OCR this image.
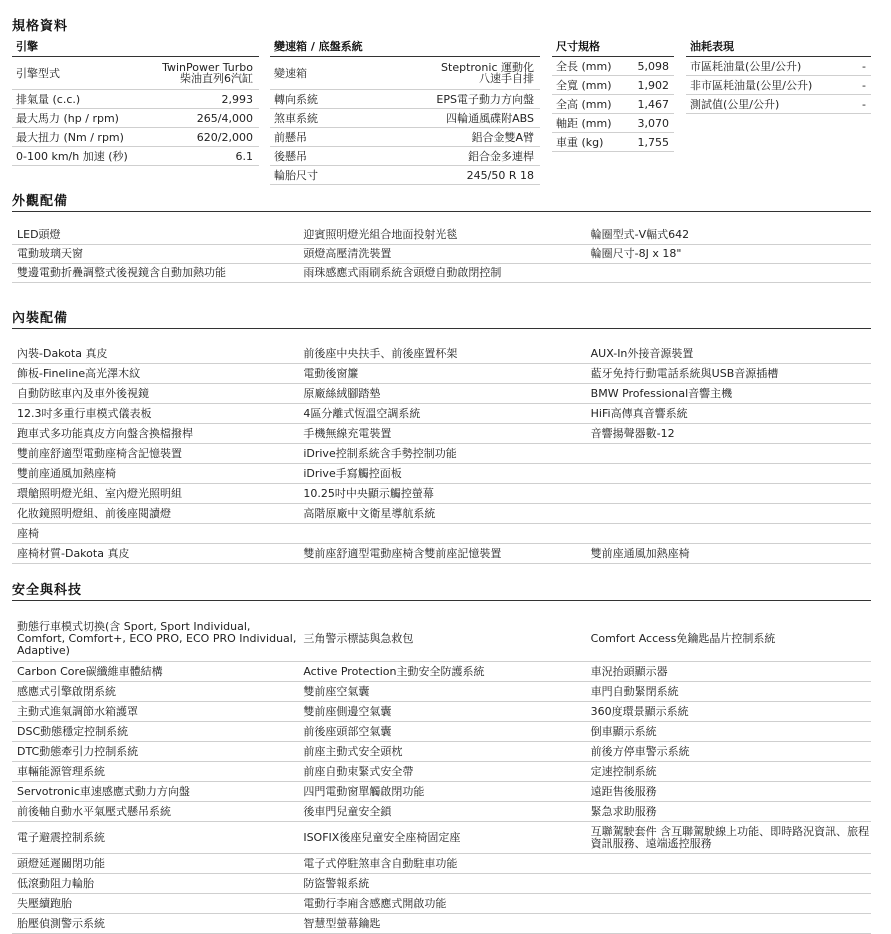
規格資料
引擎
引擎型式	TwinPower Turbo
柴油直列6汽缸
排氣量 (c.c.)	2,993
最大馬力 (hp / rpm)	265/4,000
最大扭力 (Nm / rpm)	620/2,000
0-100 km/h 加速 (秒)	6.1
變速箱 / 底盤系統
變速箱	Steptronic 運動化
八速手自排
轉向系統	EPS電子動力方向盤
煞車系統	四輪通風碟附ABS
前懸吊	鋁合金雙A臂
後懸吊	鋁合金多連桿
輪胎尺寸	245/50 R 18
尺寸規格
全長 (mm) 5,098
全寬 (mm) 1,902
全高 (mm) 1,467
軸距 (mm) 3,070
車重 (kg)	1,755
油耗表現
市區耗油量(公里/公升)	-
非市區耗油量(公里/公升)	-
測試值(公里/公升)	-
外觀配備
LED頭燈	迎賓照明燈光組合地面投射光毯	輪圈型式-V輻式642
電動玻璃天窗	頭燈高壓清洗裝置	輪圈尺寸-8J x 18"
雙邊電動折疊調整式後視鏡含自動加熱功能	雨珠感應式雨刷系統含頭燈自動啟閉控制
內裝配備
內裝-Dakota 真皮	前後座中央扶手、前後座置杯架	AUX-In外接音源裝置
飾板-Fineline高光澤木紋	電動後窗簾	藍牙免持行動電話系統與USB音源插槽
自動防眩車內及車外後視鏡	原廠絲絨腳踏墊	BMW Professional音響主機
12.3吋多重行車模式儀表板	4區分離式恆溫空調系統	HiFi高傳真音響系統
跑車式多功能真皮方向盤含換檔撥桿	手機無線充電裝置	音響揚聲器數-12
雙前座舒適型電動座椅含記憶裝置	iDrive控制系統含手勢控制功能
雙前座通風加熱座椅	iDrive手寫觸控面板
環艙照明燈光組、室內燈光照明組	10.25吋中央顯示觸控螢幕
化妝鏡照明燈組、前後座閱讀燈	高階原廠中文衛星導航系統
座椅
座椅材質-Dakota 真皮	雙前座舒適型電動座椅含雙前座記憶裝置	雙前座通風加熱座椅
安全與科技
動態行車模式切換(含 Sport, Sport Individual, Comfort, Comfort+, ECO PRO, ECO PRO Individual, Adaptive)
三角警示標誌與急救包	Comfort Access免鑰匙晶片控制系統
Carbon Core碳纖維車體結構	Active Protection主動安全防護系統	車況抬頭顯示器
感應式引擎啟閉系統	雙前座空氣囊	車門自動緊閉系統
主動式進氣調節水箱護罩	雙前座側邊空氣囊	360度環景顯示系統
DSC動態穩定控制系統	前後座頭部空氣囊	倒車顯示系統
DTC動態牽引力控制系統	前座主動式安全頭枕	前後方停車警示系統
車輛能源管理系統	前座自動束緊式安全帶	定速控制系統
Servotronic車速感應式動力方向盤	四門電動窗單觸啟閉功能	遠距售後服務
前後軸自動水平氣壓式懸吊系統	後車門兒童安全鎖	緊急求助服務
電子避震控制系統	ISOFIX後座兒童安全座椅固定座	互聯駕駛套件 含互聯駕駛線上功能、即時路況資訊、旅程資訊服務、遠端遙控服務
頭燈延遲關閉功能	電子式停駐煞車含自動駐車功能
低滾動阻力輪胎	防盜警報系統
失壓續跑胎	電動行李廂含感應式開啟功能
胎壓偵測警示系統	智慧型螢幕鑰匙
